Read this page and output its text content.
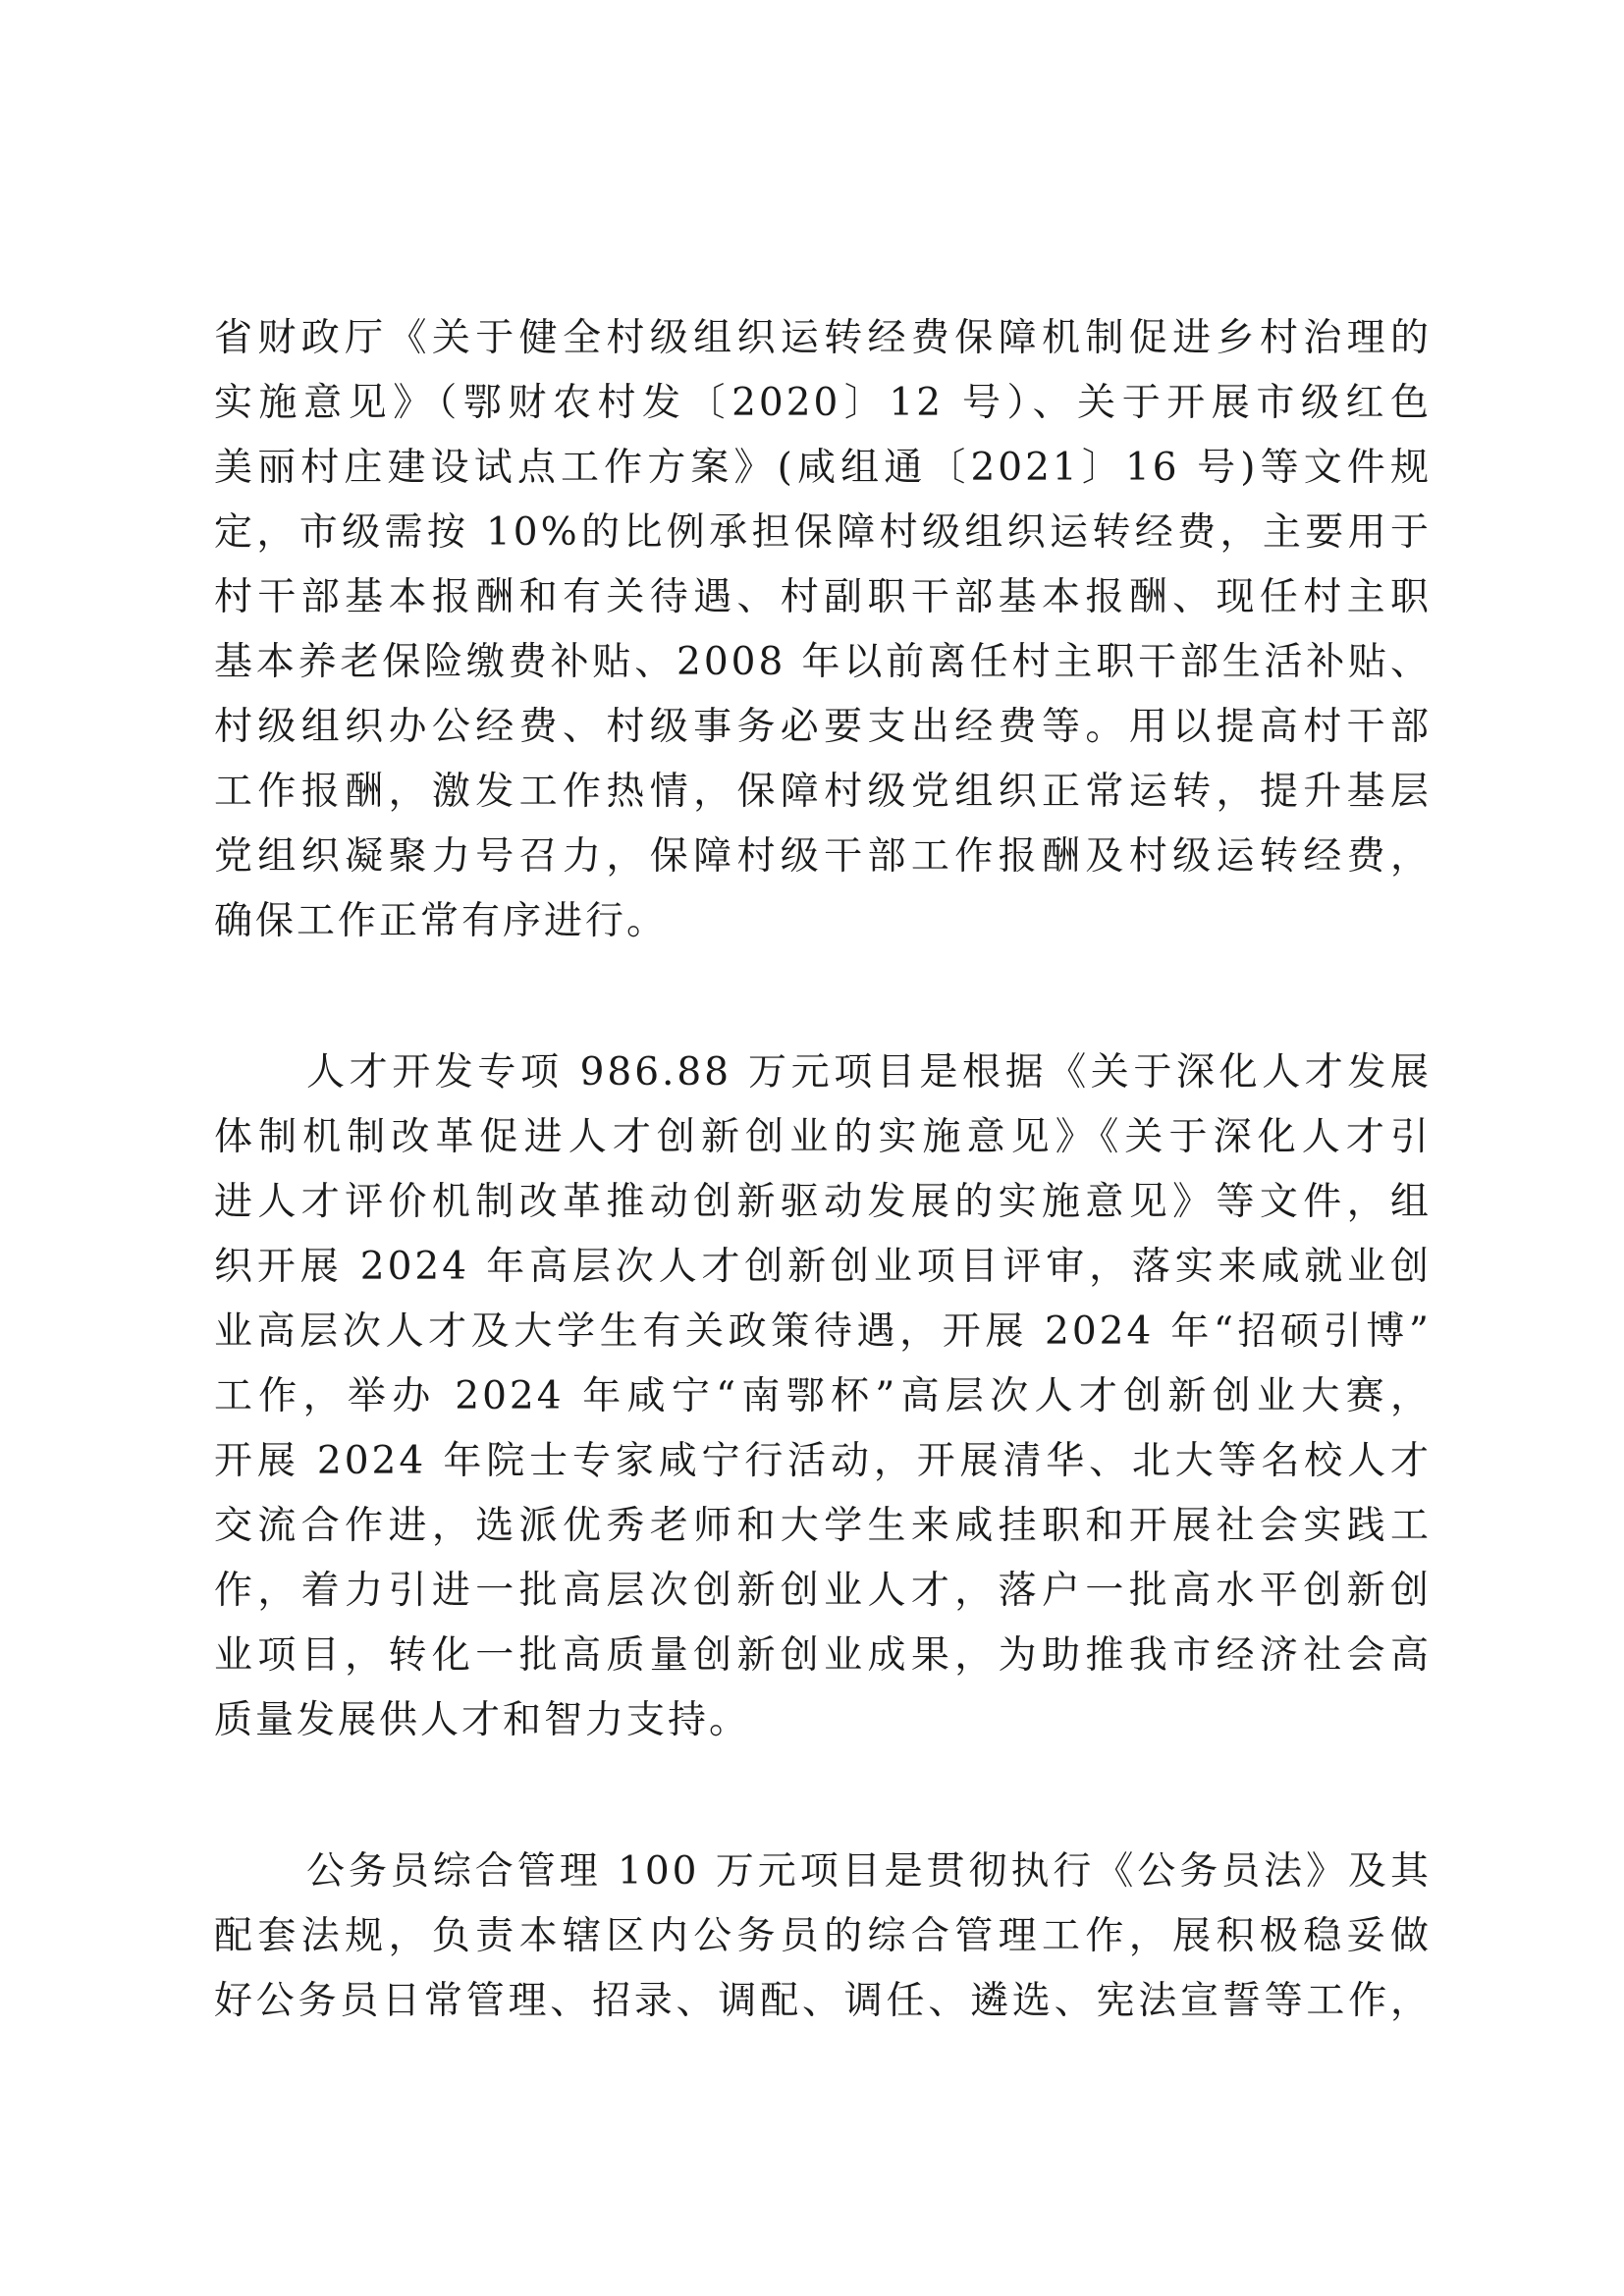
省财政厅《关于健全村级组织运转经费保障机制促进乡村治理的
实施意见》（鄂财农村发〔2020〕12 号）、关于开展市级红色
美丽村庄建设试点工作方案》(咸组通〔2021〕16 号)等文件规
定，市级需按 10%的比例承担保障村级组织运转经费，主要用于
村干部基本报酬和有关待遇、村副职干部基本报酬、现任村主职
基本养老保险缴费补贴、2008 年以前离任村主职干部生活补贴、
村级组织办公经费、村级事务必要支出经费等。用以提高村干部
工作报酬，激发工作热情，保障村级党组织正常运转，提升基层
党组织凝聚力号召力，保障村级干部工作报酬及村级运转经费，
确保工作正常有序进行。
人才开发专项 986.88 万元项目是根据《关于深化人才发展
体制机制改革促进人才创新创业的实施意见》《关于深化人才引
进人才评价机制改革推动创新驱动发展的实施意见》等文件，组
织开展 2024 年高层次人才创新创业项目评审，落实来咸就业创
业高层次人才及大学生有关政策待遇，开展 2024 年“招硕引博”
工作，举办 2024 年咸宁“南鄂杯”高层次人才创新创业大赛，
开展 2024 年院士专家咸宁行活动，开展清华、北大等名校人才
交流合作进，选派优秀老师和大学生来咸挂职和开展社会实践工
作，着力引进一批高层次创新创业人才，落户一批高水平创新创
业项目，转化一批高质量创新创业成果，为助推我市经济社会高
质量发展供人才和智力支持。
公务员综合管理 100 万元项目是贯彻执行《公务员法》及其
配套法规，负责本辖区内公务员的综合管理工作，展积极稳妥做
好公务员日常管理、招录、调配、调任、遴选、宪法宣誓等工作，
